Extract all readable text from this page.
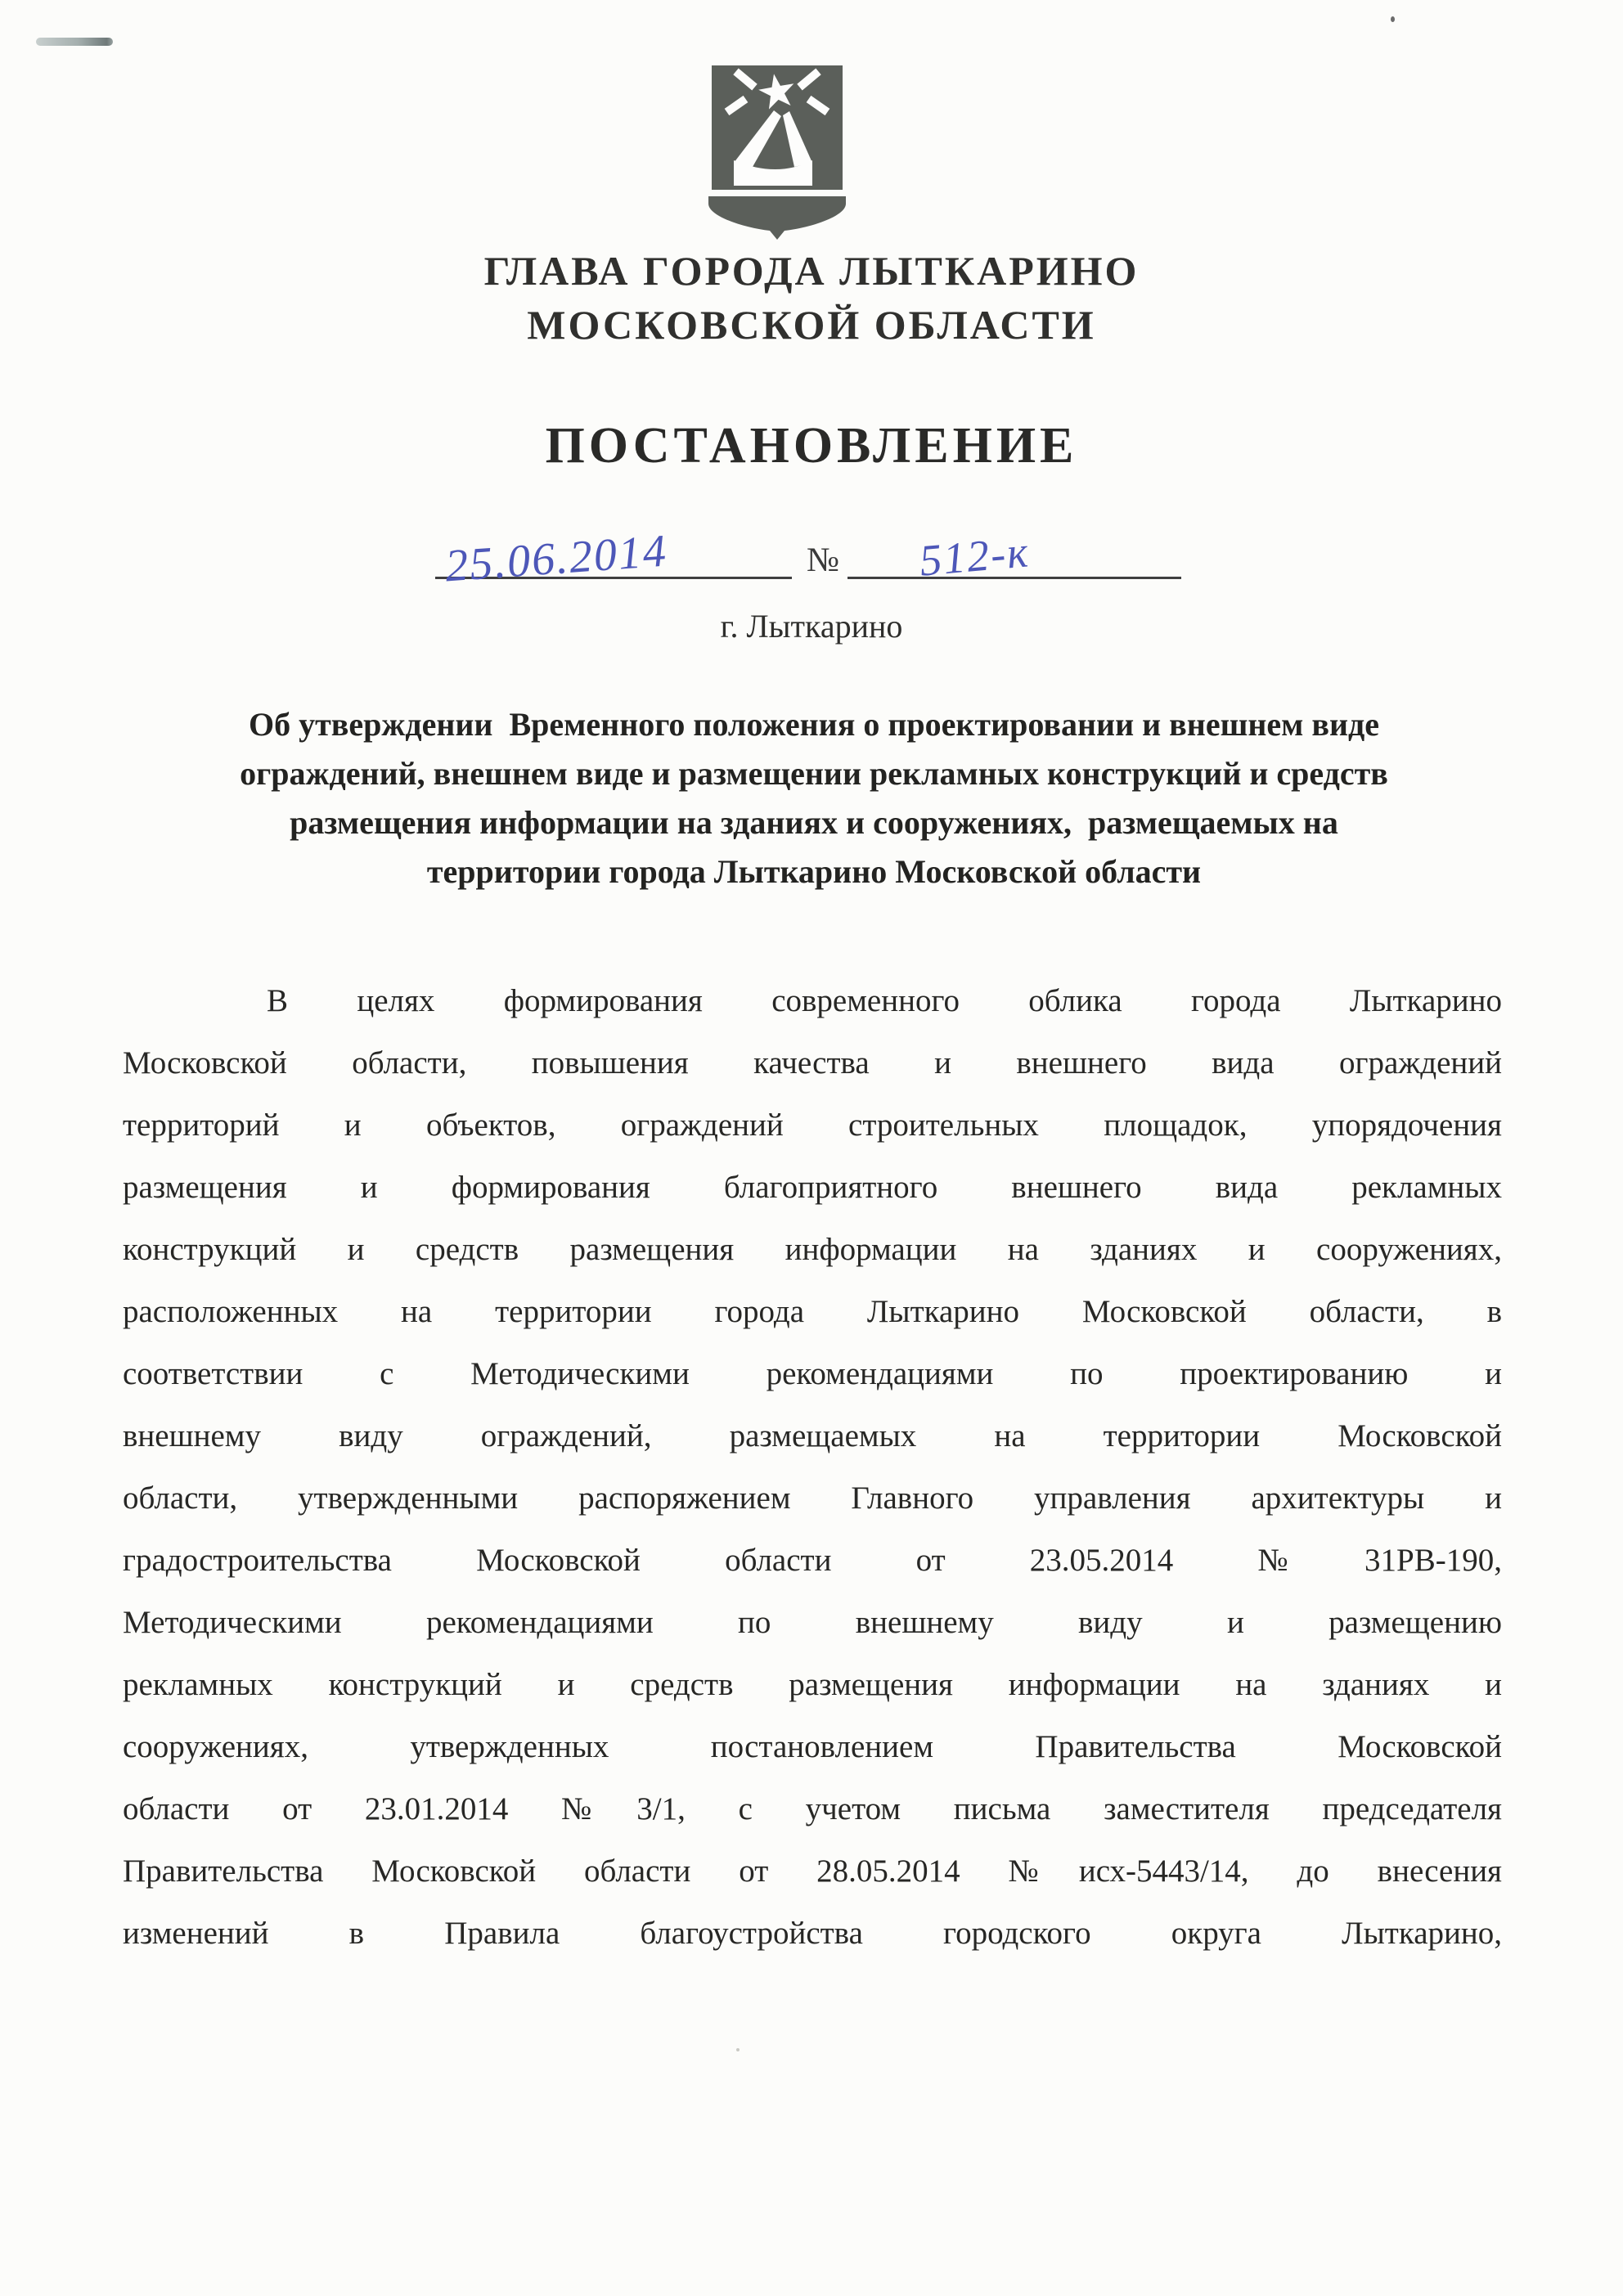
ГЛАВА ГОРОДА ЛЫТКАРИНО
МОСКОВСКОЙ ОБЛАСТИ
ПОСТАНОВЛЕНИЕ
25.06.2014	№ 512-к
г. Лыткарино
Об утверждении  Временного положения о проектировании и внешнем виде
ограждений, внешнем виде и размещении рекламных конструкций и средств
размещения информации на зданиях и сооружениях,  размещаемых на
территории города Лыткарино Московской области
В целях формирования современного облика города Лыткарино
Московской области, повышения качества и внешнего вида ограждений
территорий и объектов, ограждений строительных площадок, упорядочения
размещения и формирования благоприятного внешнего вида рекламных
конструкций и средств размещения информации на зданиях и сооружениях,
расположенных на территории города Лыткарино Московской области, в
соответствии с Методическими рекомендациями по проектированию и
внешнему виду ограждений, размещаемых на территории Московской
области, утвержденными распоряжением Главного управления архитектуры и
градостроительства Московской области от 23.05.2014 №31РВ-190,
Методическими рекомендациями по внешнему виду и размещению
рекламных конструкций и средств размещения информации на зданиях и
сооружениях, утвержденных постановлением Правительства Московской
области от 23.01.2014 №3/1, с учетом письма заместителя председателя
Правительства Московской области от 28.05.2014 №исх-5443/14, до внесения
изменений в Правила благоустройства городского округа Лыткарино,
